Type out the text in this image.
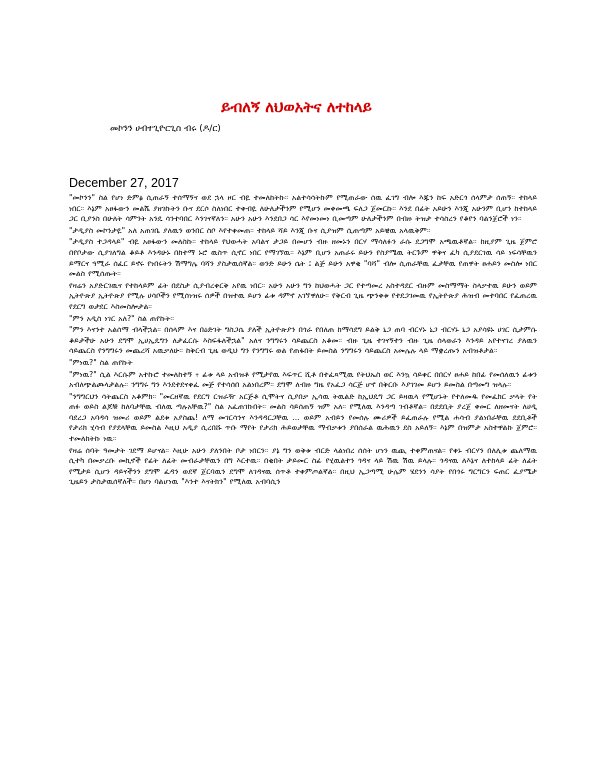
ይብለኝ ለህወአትና ለተከላይ
መኮንን ሀብተጊዮርጊስ ብሩ (ዶ/ር)
December 27, 2017

"መኮንን" ስል የሆነ ድምፅ ሲጠራኝ ተሰማኝና ወደ ኋላ ዞር ብዬ ተመለከትኩ። አልተሳሳትኩም የሚጠራው ሰዉ ፈገግ ብሎ እጁን ከፍ አድርጎ ሰላምታ ሰጠኝ። ተከላይ ነበር። እኔም አፀፋውን መልሼ ያዘገኩትን ቡና ደርሶ ስለነበር ተቀብዬ ለሁለታችንም የሚሆን መቀመጫ ፍለጋ ጀመርኩ። እንደ በፊት አይሁን እንጂ አሁንም ቢሆን ከተከላይ ጋር ቢያንስ በሁለት ሳምንት አንዴ ሳንተባበር እንገናኛለን። አሁን አሁን እንደበጋ ሳር እየመነመነ ቢመጣም ሁለታችንም በብዙ ትዝታ ተሳስረን የቆየን ባልንጀሮች ነን።

"ታዲያስ መኮንታዬ" አለ አጠገቤ ያለዉን ወንበር ስቦ እየተቀመጠ። ተከላይ ሻይ እንጂ ቡና ሲያዝም ሲጠጣም አይቼዉ አላዉቅም።

"ታዲያስ ተጋዳላይ" ብዬ አፀፋውን መለስኩ። ተከላይ የህወሓት አባልና ታጋይ በመሆን ብዙ ዘመኑን በርሃ ማሳለፉን ራሱ ደጋግሞ አጫዉቶኛል። ከዚያም ጊዜ ጀምሮ በየቦታው ሲያገለግል ቆይቶ እንዳሁኑ በከተማ ኑሮ ዉስጥ ሲኖር ነበር የማገኘዉ። እኔም ቢሆን አጠራሩ ይሁን የስያሜዉ ትርጉም ዋቅና ፈካ ሲያደርገዉ ሳይ ነፍሳቸዉን ይማርና ጓሚራ ሰፈር ይኖሩ የነበሩትን ሽማግሌ ባሻን ያስታዉሰኛል። ወንድ ይሁን ሴት ፤ ልጅ ይሁን አዋቂ "ባሻ" ብሎ ሲጠራቸዉ ፈታቸዉ የጠዋት ፀሐይን መስሎ ነበር መልስ የሚሰጡት።

የዛሬን አያድርገዉና የተከላይም ፊት በደስታ ሲያብረቀርቅ አየዉ ነበር። አሁን አሁን ግን ከህወሓት ጋር የተጣመረ አስተዳደር ብዙም መስማማት ስላቃተዉ ይሁን ወይም ኢትዮጵያ ኢትዮጵያ የሚሉ ሀሳቦችን የሚሰነዝሩ ሰዎች በዝተዉ ይሆን ፊቱ ዳምኖ አገኘዋለሁ። የቅርብ ጊዜ ጭንቀቱ የተደጋገመዉ የኢትዮጵያ ሕዝብ መተባበር የፈጠረዉ የደርግ ወታደር እስመስሎታል።

"ምን አዲስ ነገር አለ?" ስል ጠየኩት።

"ምን እናንተ አልሰማ ብላችኋል። በሰላም እና በዕድገት ግስጋሴ ያለች ኢትዮጵያን በጎራ የበለጠ ከማሳደግ ይልቅ ኒጋ ጠባ ብርሃኑ ኒጋ ብርሃኑ ኒጋ አያሳዩኑ ሀገር ሲታምሱ ቆይታችሁ አሁን ደግሞ ኢሀኢዴግን ለታፈርሱ እስፍፋለችኋል" አለና ንግግሩን ሳይጨርስ አቆመ። ብዙ ጊዜ ተገናኝተን ብዙ ጊዜ ሰላወራን እንዳይ አየተናገረ ያለዉን ሳይጨርስ የንግግሩን መጨረሻ አዉቃለሁ። ከቅርብ ጊዜ ወዲህ ግን የንግግሩ ወል የጠፋበት ይመስል ንግግሩን ሳይጨርስ አመሌሉ ላይ ማቋረጡን አብዝቶታል።

"ምነዉ?" ስል ጠየኩት

"ምነዉ?" ሲል እርሱም አተኩሮ ተመለከተኝ ፥ ፊቱ ላይ አብዝቶ የሚታየዉ እፍጥር ሺቶ በተፈጻሚዉ የትህኤስ ወር እንኳ ሳይቀር በበርሃ ፀሐይ ከበፊ የመሰለዉን ፊቱን አብለጭልጮላታልሉ። ንግግሩ ግን እንደተደናቀፈ መጅ የተሳሰበ አልነበረም። ደግሞ ለብዙ ግዜ የአፈጋ ሳርጅ ሆኖ በቅርቡ እያገገመ ይሆን ይመስል በጣመግ ዝላሉ።

"ንግግርህን ሳትጨርስ አቆምክ። "መርዘኛዉ የደርግ ርዝራዥ አርጅቶ ሲሞትና ሲያበቃ ኢሳዉ ትዉልድ ከኢህዴግ ጋር ይዛዉላ የሚሆኑት የተለመዱ የመፈክር ቃላት የት ጠፉ ወይስ ልጆቹ ከለባታቸዉ ብለዉ ጣሉአቸዉ?" ስል አፈጠገኩበት። መልስ ሳይሰጠኝ ዝም አለ። የሚለዉ እንዳጣ ገብቶኛል። በደደቢት ያረጀ ቀመር ለዘመናት ለሀዲ ባደረጋ አባዳሳ ዝመሪ ወይም ልደቱ አያስጨ! ለማ መገርሳንና እንዳዳርጋቸዉ ... ወይም አብይን የመሰሉ ሙሪዎች ይፈጠራሉ የሚል ሐሳብ ያልነበራቸዉ ደደቢቶች የታሪክ ሂሳብ የያደላቸዉ ይመስል እዚህ አዲያ ሲረበሹ ጥቡ ማየት የታሪክ ሕይወታቸዉ ማብቃቱን ያበሰራል ዉሕዉን ደስ አይለኝ። እኔም በዝምታ አስተዋልኩ ጀምሮ። ተመለከትኩ ነዉ።

የዛሬ ሰባት ዓመታት ገደማ ይሆናል። እዚሁ አሁን ያለንበት ቦታ ነበርን። ያኔ ግን ወቅቱ ብርድ ላልነበረ ሰሰት ሆነን ዉጪ ተቀምጠናል። የቀኑ ብርሃን በለሊቱ ጨለማዉ ሲተካ በመቃረቡ መኪኖች የፊት ለፊት መብራታቸዉን በግ እርተዉ። በቂበት ታይመር ስፊ የሂዉልተን ጎዳና ላይ ሽዉ ሽዉ ይላሉ። ጎዳናዉ ለእኔና ለተከላይ ፊት ለፊት የሚታይ ሲሆን ዳይናችንን ደግሞ ፈዳን ወደኛ ጀርባዉን ደግሞ ለገዳናዉ ሰጥቶ ተቀምጦልኛል። በዚህ ኢጋጣሚ ሁሌም ሄደንን ሳያት የበጎሩ ግርግርን ፍጠር ፈያሜታ ጊዜይን ታስታዉሰኛለች። በሆነ ባልሆነዉ "እንተ እናትክን" የሚለዉ አብባሲን
